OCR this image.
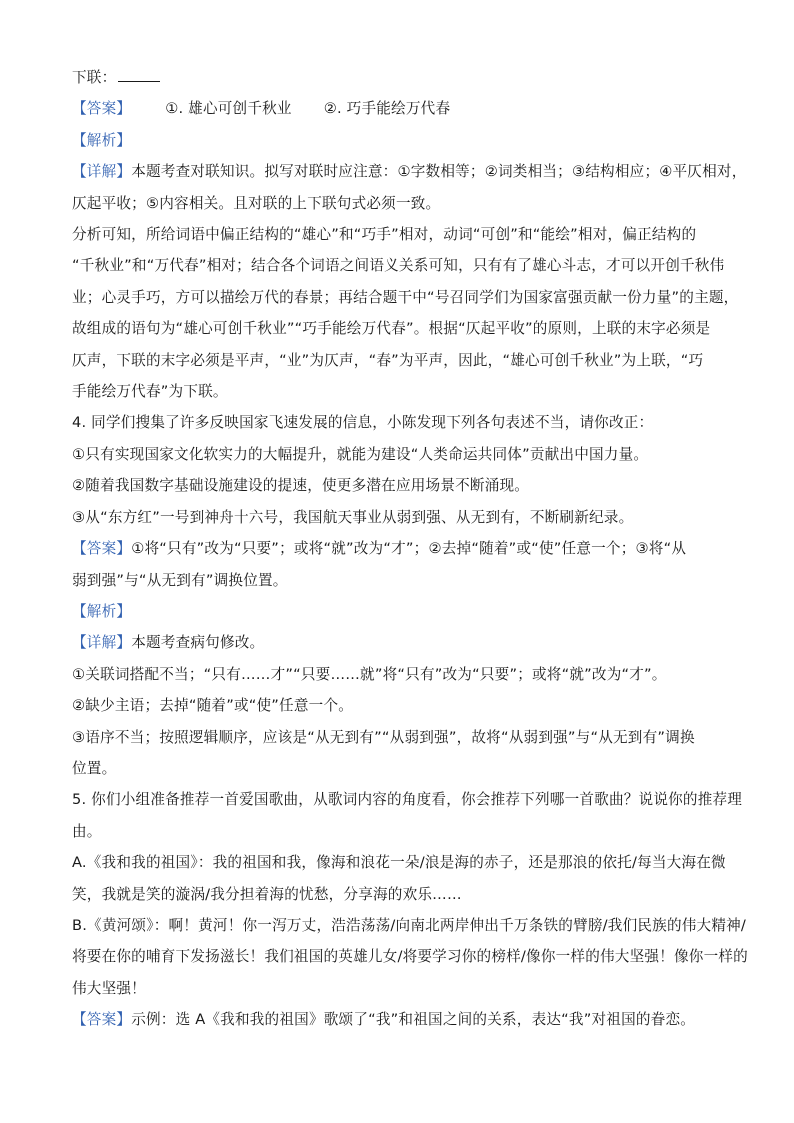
下联：
【答案】 ①. 雄心可创千秋业 ②. 巧手能绘万代春
【解析】
【详解】本题考查对联知识。拟写对联时应注意：①字数相等；②词类相当；③结构相应；④平仄相对，
仄起平收；⑤内容相关。且对联的上下联句式必须一致。
分析可知，所给词语中偏正结构的“雄心”和“巧手”相对，动词“可创”和“能绘”相对，偏正结构的
“千秋业”和“万代春”相对；结合各个词语之间语义关系可知，只有有了雄心斗志，才可以开创千秋伟
业；心灵手巧，方可以描绘万代的春景；再结合题干中“号召同学们为国家富强贡献一份力量”的主题，
故组成的语句为“雄心可创千秋业”“巧手能绘万代春”。根据“仄起平收”的原则，上联的末字必须是
仄声，下联的末字必须是平声，“业”为仄声，“春”为平声，因此，“雄心可创千秋业”为上联，“巧
手能绘万代春”为下联。
4. 同学们搜集了许多反映国家飞速发展的信息，小陈发现下列各句表述不当，请你改正：
①只有实现国家文化软实力的大幅提升，就能为建设“人类命运共同体”贡献出中国力量。
②随着我国数字基础设施建设的提速，使更多潜在应用场景不断涌现。
③从“东方红”一号到神舟十六号，我国航天事业从弱到强、从无到有，不断刷新纪录。
【答案】①将“只有”改为“只要”；或将“就”改为“才”；②去掉“随着”或“使”任意一个；③将“从
弱到强”与“从无到有”调换位置。
【解析】
【详解】本题考查病句修改。
①关联词搭配不当；“只有……才”“只要……就”将“只有”改为“只要”；或将“就”改为“才”。
②缺少主语；去掉“随着”或“使”任意一个。
③语序不当；按照逻辑顺序，应该是“从无到有”“从弱到强”，故将“从弱到强”与“从无到有”调换
位置。
5. 你们小组准备推荐一首爱国歌曲，从歌词内容的角度看，你会推荐下列哪一首歌曲？说说你的推荐理
由。
A.《我和我的祖国》：我的祖国和我，像海和浪花一朵/浪是海的赤子，还是那浪的依托/每当大海在微
笑，我就是笑的漩涡/我分担着海的忧愁，分享海的欢乐……
B.《黄河颂》：啊！黄河！你一泻万丈，浩浩荡荡/向南北两岸伸出千万条铁的臂膀/我们民族的伟大精神/
将要在你的哺育下发扬滋长！我们祖国的英雄儿女/将要学习你的榜样/像你一样的伟大坚强！像你一样的
伟大坚强！
【答案】示例：选 A《我和我的祖国》歌颂了“我”和祖国之间的关系，表达“我”对祖国的眷恋。
